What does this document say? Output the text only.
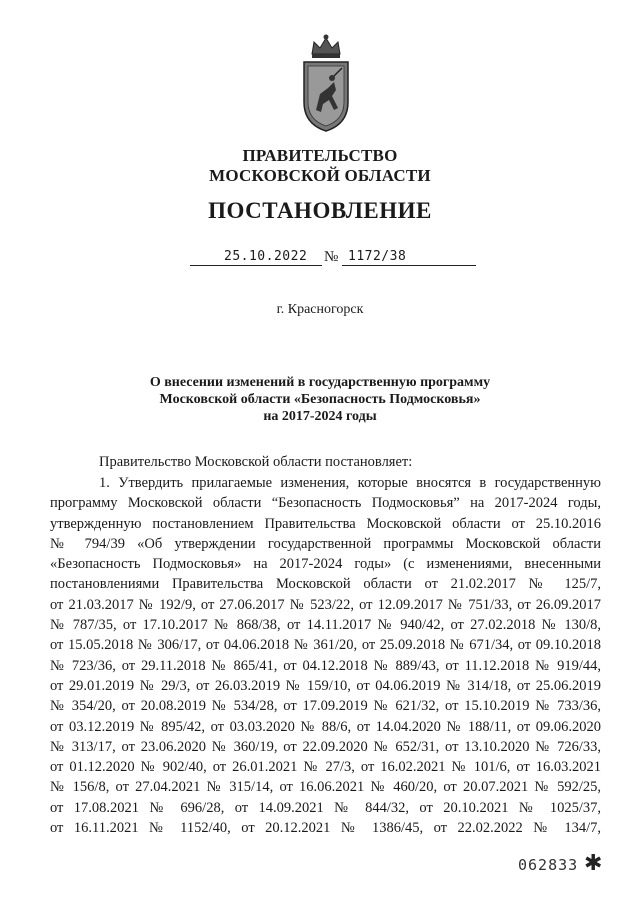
ПРАВИТЕЛЬСТВО
МОСКОВСКОЙ ОБЛАСТИ
ПОСТАНОВЛЕНИЕ
25.10.2022 № 1172/38
г. Красногорск
О внесении изменений в государственную программу
Московской области «Безопасность Подмосковья»
на 2017-2024 годы
Правительство Московской области постановляет:
1. Утвердить прилагаемые изменения, которые вносятся в государственную
программу Московской области “Безопасность Подмосковья” на 2017-2024 годы,
утвержденную постановлением Правительства Московской области от 25.10.2016
№ 794/39 «Об утверждении государственной программы Московской области
«Безопасность Подмосковья» на 2017-2024 годы» (с изменениями, внесенными
постановлениями Правительства Московской области от 21.02.2017 № 125/7,
от 21.03.2017 № 192/9, от 27.06.2017 № 523/22, от 12.09.2017 № 751/33, от 26.09.2017
№ 787/35, от 17.10.2017 № 868/38, от 14.11.2017 № 940/42, от 27.02.2018 № 130/8,
от 15.05.2018 № 306/17, от 04.06.2018 № 361/20, от 25.09.2018 № 671/34, от 09.10.2018
№ 723/36, от 29.11.2018 № 865/41, от 04.12.2018 № 889/43, от 11.12.2018 № 919/44,
от 29.01.2019 № 29/3, от 26.03.2019 № 159/10, от 04.06.2019 № 314/18, от 25.06.2019
№ 354/20, от 20.08.2019 № 534/28, от 17.09.2019 № 621/32, от 15.10.2019 № 733/36,
от 03.12.2019 № 895/42, от 03.03.2020 № 88/6, от 14.04.2020 № 188/11, от 09.06.2020
№ 313/17, от 23.06.2020 № 360/19, от 22.09.2020 № 652/31, от 13.10.2020 № 726/33,
от 01.12.2020 № 902/40, от 26.01.2021 № 27/3, от 16.02.2021 № 101/6, от 16.03.2021
№ 156/8, от 27.04.2021 № 315/14, от 16.06.2021 № 460/20, от 20.07.2021 № 592/25,
от 17.08.2021 № 696/28, от 14.09.2021 № 844/32, от 20.10.2021 № 1025/37,
от 16.11.2021 № 1152/40, от 20.12.2021 № 1386/45, от 22.02.2022 № 134/7,
062833 ✱
